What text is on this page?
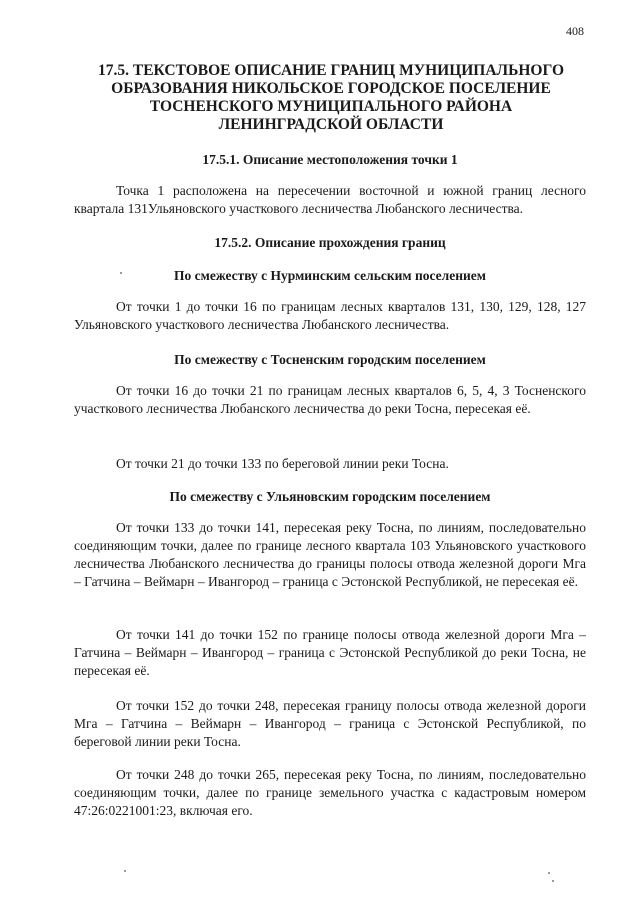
408
17.5. ТЕКСТОВОЕ ОПИСАНИЕ ГРАНИЦ МУНИЦИПАЛЬНОГО ОБРАЗОВАНИЯ НИКОЛЬСКОЕ ГОРОДСКОЕ ПОСЕЛЕНИЕ ТОСНЕНСКОГО МУНИЦИПАЛЬНОГО РАЙОНА ЛЕНИНГРАДСКОЙ ОБЛАСТИ
17.5.1. Описание местоположения точки 1

Точка 1 расположена на пересечении восточной и южной границ лесного квартала 131Ульяновского участкового лесничества Любанского лесничества.

17.5.2. Описание прохождения границ
По смежеству с Нурминским сельским поселением

От точки 1 до точки 16 по границам лесных кварталов 131, 130, 129, 128, 127 Ульяновского участкового лесничества Любанского лесничества.

По смежеству с Тосненским городским поселением

От точки 16 до точки 21 по границам лесных кварталов 6, 5, 4, 3 Тосненского участкового лесничества Любанского лесничества до реки Тосна, пересекая её.

От точки 21 до точки 133 по береговой линии реки Тосна.

По смежеству с Ульяновским городским поселением

От точки 133 до точки 141, пересекая реку Тосна, по линиям, последовательно соединяющим точки, далее по границе лесного квартала 103 Ульяновского участкового лесничества Любанского лесничества до границы полосы отвода железной дороги Мга – Гатчина – Веймарн – Ивангород – граница с Эстонской Республикой, не пересекая её.

От точки 141 до точки 152 по границе полосы отвода железной дороги Мга – Гатчина – Веймарн – Ивангород – граница с Эстонской Республикой до реки Тосна, не пересекая её.

От точки 152 до точки 248, пересекая границу полосы отвода железной дороги Мга – Гатчина – Веймарн – Ивангород – граница с Эстонской Республикой, по береговой линии реки Тосна.

От точки 248 до точки 265, пересекая реку Тосна, по линиям, последовательно соединяющим точки, далее по границе земельного участка с кадастровым номером 47:26:0221001:23, включая его.
